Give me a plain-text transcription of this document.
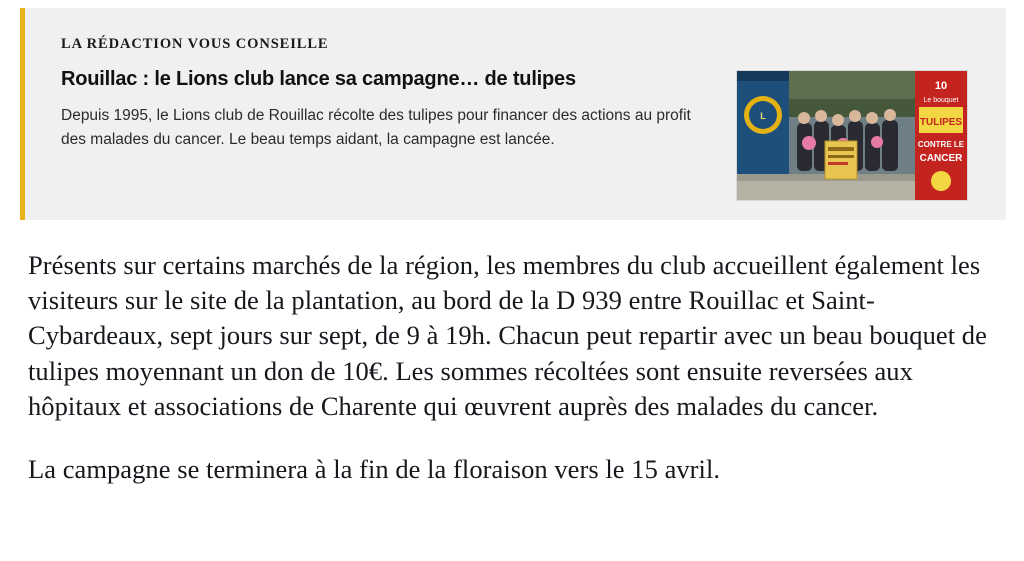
LA RÉDACTION VOUS CONSEILLE
Rouillac : le Lions club lance sa campagne… de tulipes
Depuis 1995, le Lions club de Rouillac récolte des tulipes pour financer des actions au profit des malades du cancer. Le beau temps aidant, la campagne est lancée.
L
10
Le bouquet
TULIPES
CONTRE LE
CANCER

Présents sur certains marchés de la région, les membres du club accueillent également les visiteurs sur le site de la plantation, au bord de la D 939 entre Rouillac et Saint-Cybardeaux, sept jours sur sept, de 9 à 19h. Chacun peut repartir avec un beau bouquet de tulipes moyennant un don de 10€. Les sommes récoltées sont ensuite reversées aux hôpitaux et associations de Charente qui œuvrent auprès des malades du cancer.

La campagne se terminera à la fin de la floraison vers le 15 avril.
